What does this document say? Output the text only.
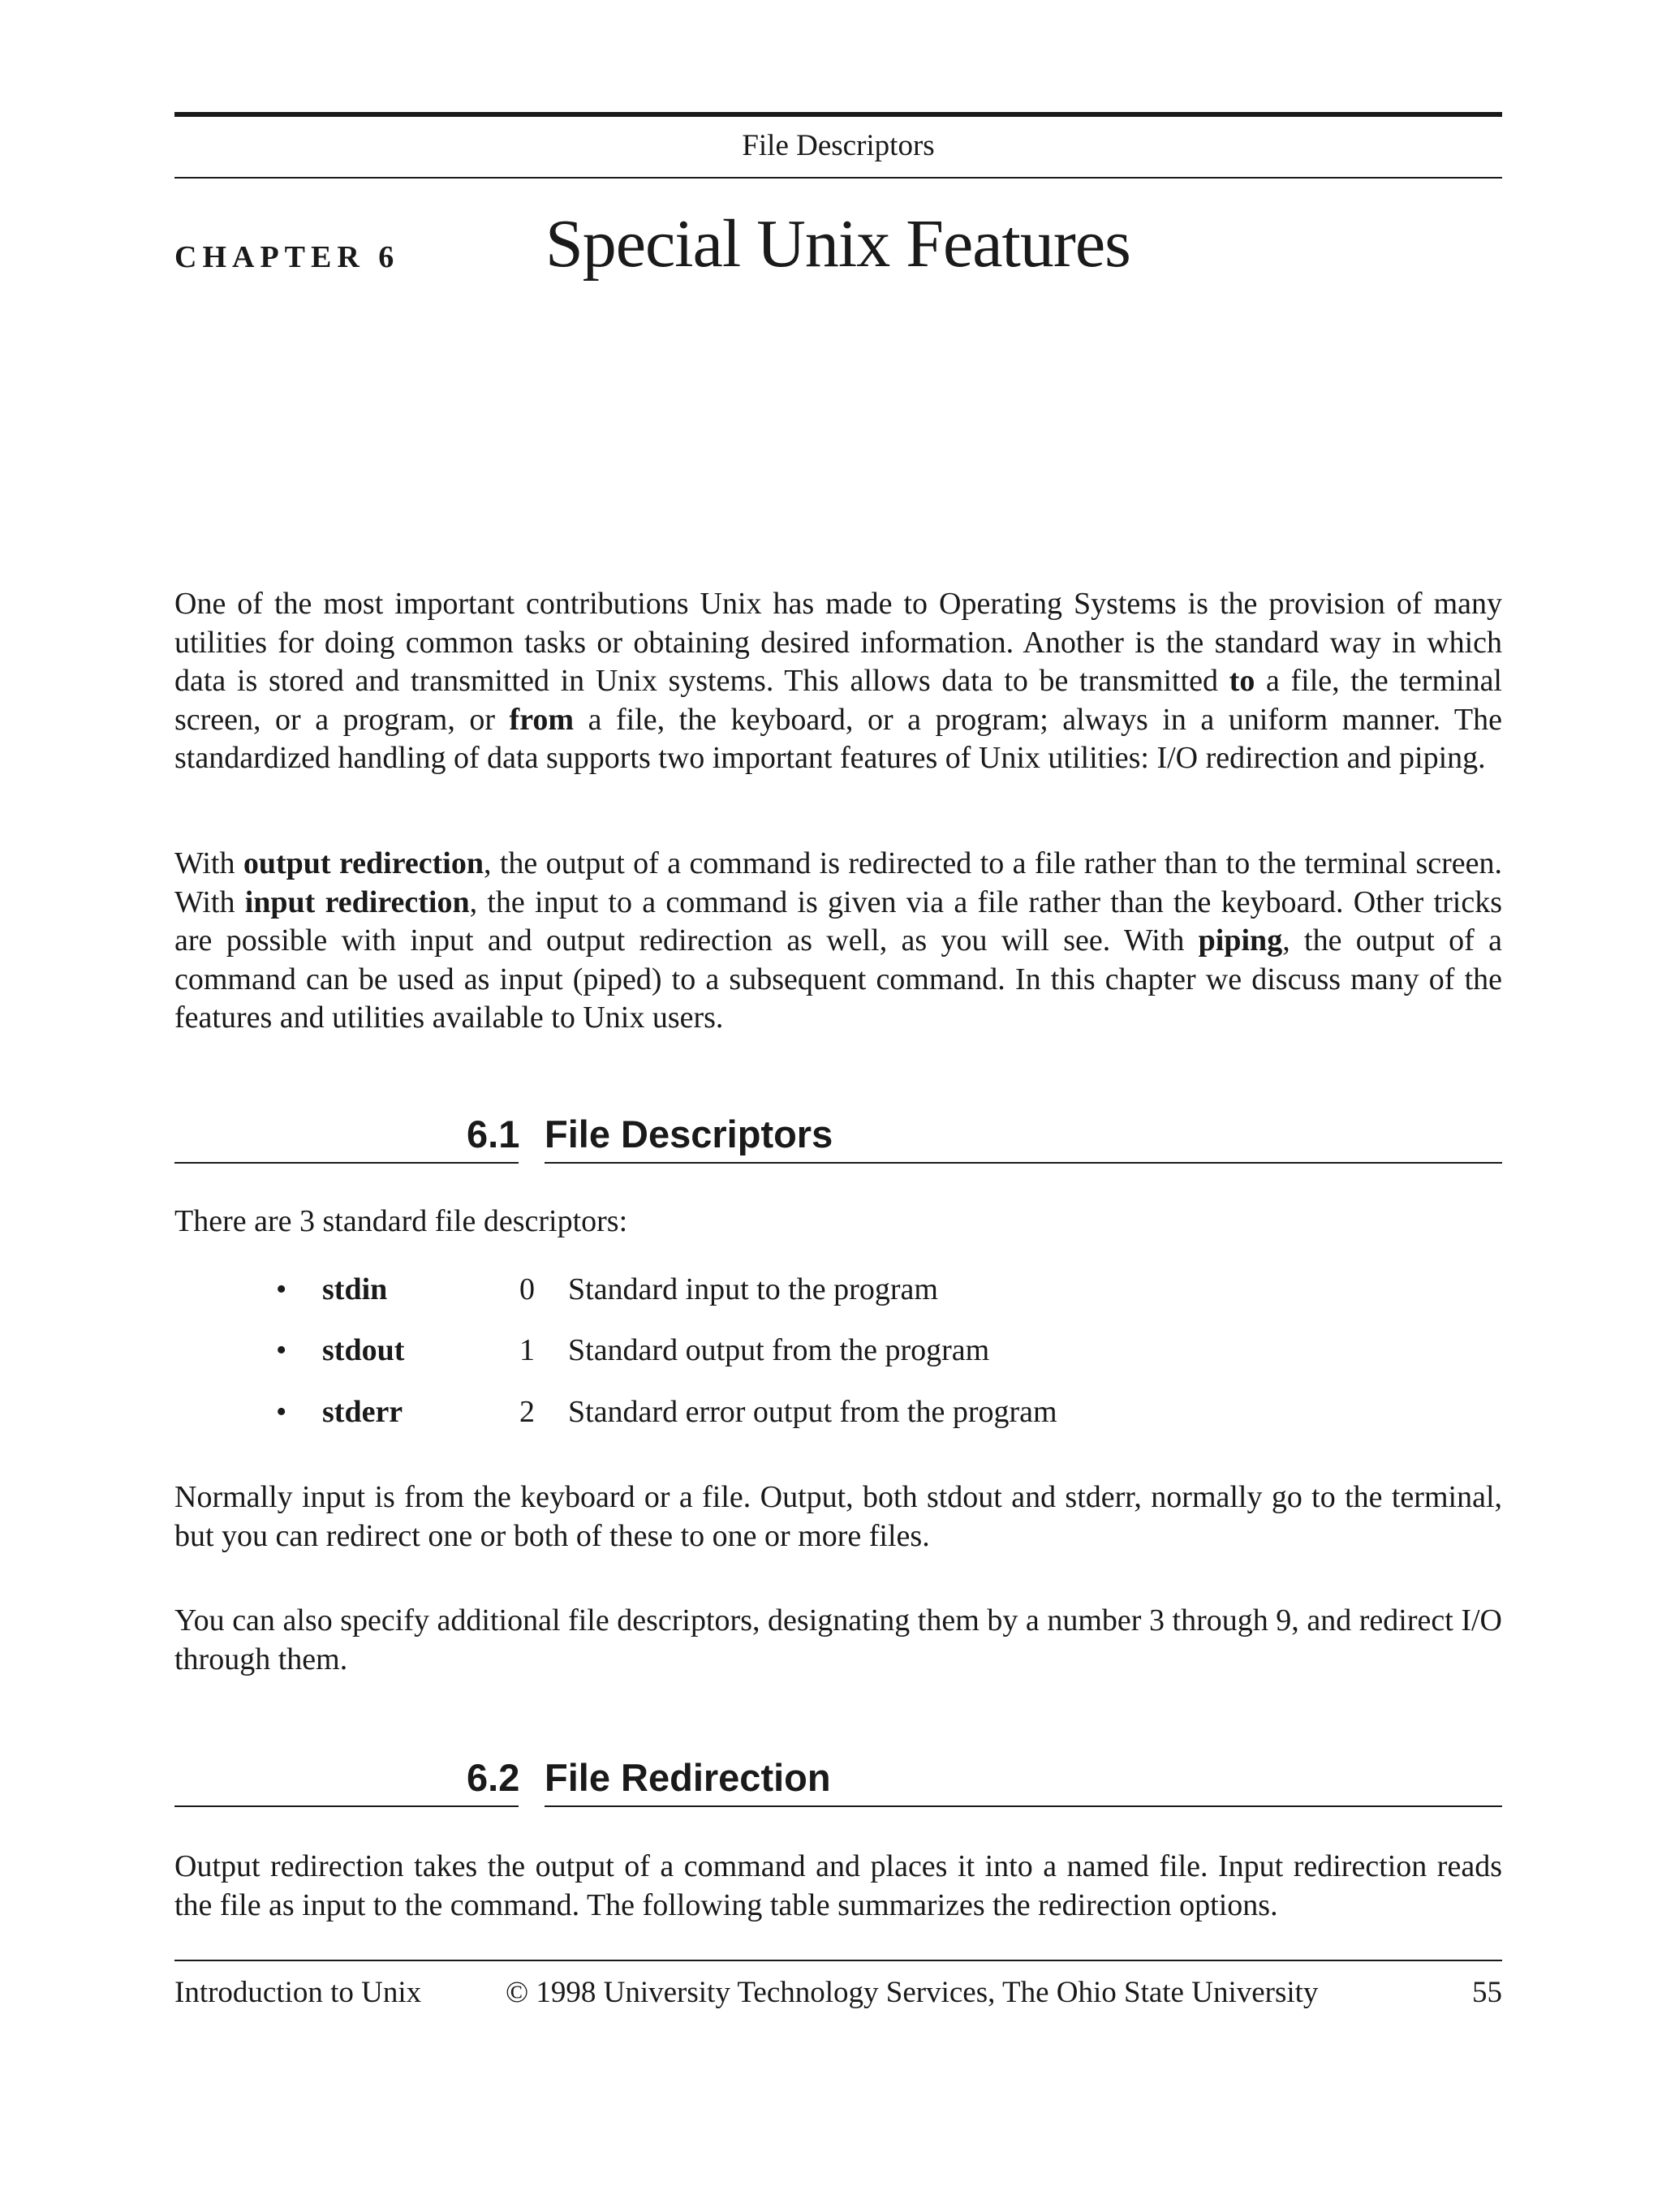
File Descriptors
CHAPTER 6 Special Unix Features

One of the most important contributions Unix has made to Operating Systems is the provision of many utilities for doing common tasks or obtaining desired information. Another is the standard way in which data is stored and transmitted in Unix systems. This allows data to be transmitted to a file, the terminal screen, or a program, or from a file, the keyboard, or a program; always in a uniform manner. The standardized handling of data supports two important features of Unix utilities: I/O redirection and piping.

With output redirection, the output of a command is redirected to a file rather than to the terminal screen. With input redirection, the input to a command is given via a file rather than the keyboard. Other tricks are possible with input and output redirection as well, as you will see. With piping, the output of a command can be used as input (piped) to a subsequent command. In this chapter we discuss many of the features and utilities available to Unix users.

6.1 File Descriptors

There are 3 standard file descriptors:

• stdin	0 Standard input to the program
• stdout	1 Standard output from the program
• stderr	2 Standard error output from the program

Normally input is from the keyboard or a file. Output, both stdout and stderr, normally go to the terminal, but you can redirect one or both of these to one or more files.

You can also specify additional file descriptors, designating them by a number 3 through 9, and redirect I/O through them.

6.2 File Redirection

Output redirection takes the output of a command and places it into a named file. Input redirection reads the file as input to the command. The following table summarizes the redirection options.

Introduction to Unix	© 1998 University Technology Services, The Ohio State University	55
